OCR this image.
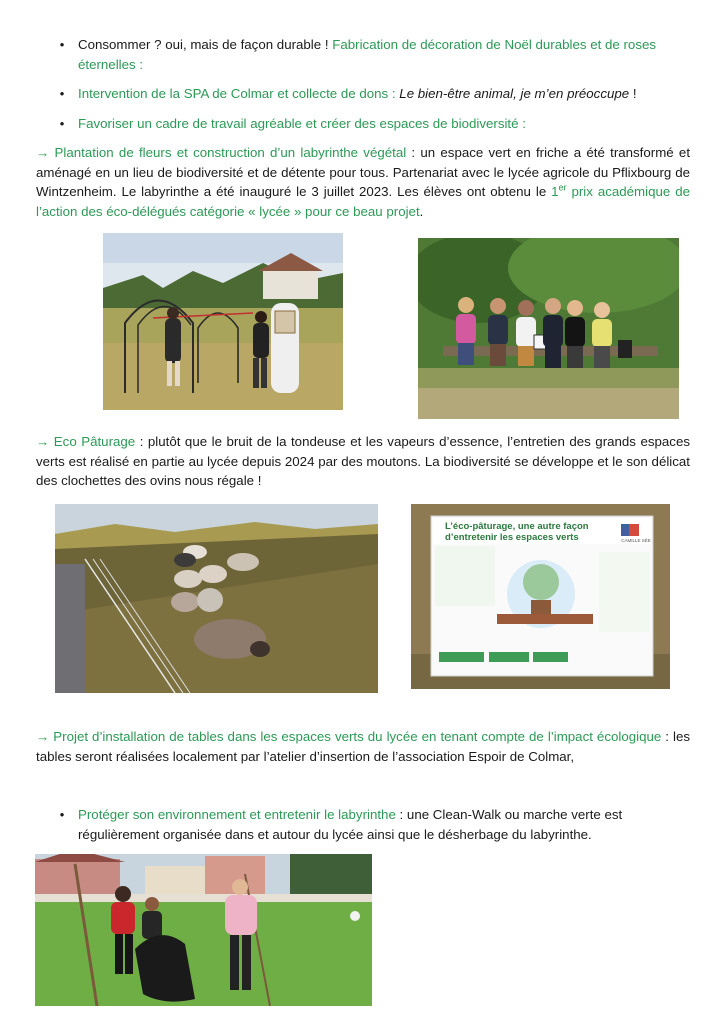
•	Consommer ? oui, mais de façon durable ! Fabrication de décoration de Noël durables et de roses éternelles :
•	Intervention de la SPA de Colmar et collecte de dons : Le bien-être animal, je m’en préoccupe !
•	Favoriser un cadre de travail agréable et créer des espaces de biodiversité :
→ Plantation de fleurs et construction d’un labyrinthe végétal : un espace vert en friche a été transformé et aménagé en un lieu de biodiversité et de détente pour tous. Partenariat avec le lycée agricole du Pflixbourg de Wintzenheim. Le labyrinthe a été inauguré le 3 juillet 2023. Les élèves ont obtenu le 1er prix académique de l’action des éco-délégués catégorie « lycée » pour ce beau projet.
→ Eco Pâturage : plutôt que le bruit de la tondeuse et les vapeurs d’essence, l’entretien des grands espaces verts est réalisé en partie au lycée depuis 2024 par des moutons. La biodiversité se développe et le son délicat des clochettes des ovins nous régale !
L’éco-pâturage, une autre façon
d’entretenir les espaces verts	CAMILLE SÉE
→ Projet d’installation de tables dans les espaces verts du lycée en tenant compte de l’impact écologique : les tables seront réalisées localement par l’atelier d’insertion de l’association Espoir de Colmar,
•	Protéger son environnement et entretenir le labyrinthe : une Clean-Walk ou marche verte est régulièrement organisée dans et autour du lycée ainsi que le désherbage du labyrinthe.
